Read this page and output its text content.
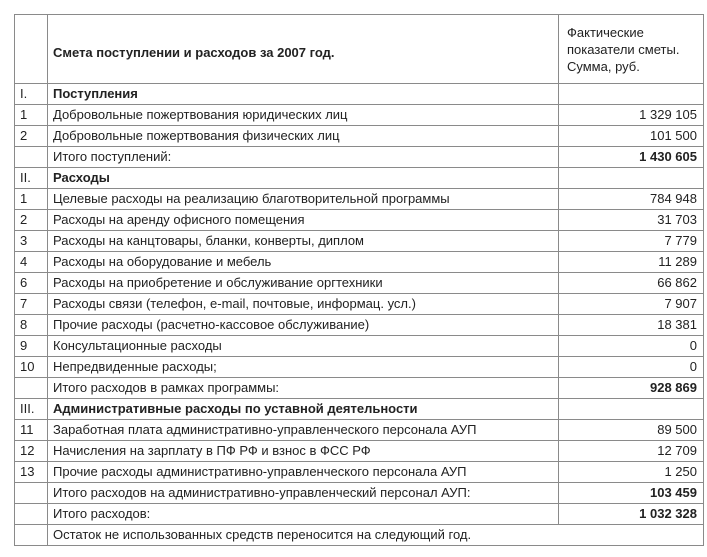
	Смета поступлении и расходов за 2007 год.	Фактические
показатели сметы.
Сумма, руб.

I.	Поступления	
1	Добровольные пожертвования юридических лиц	1 329 105
2	Добровольные пожертвования физических лиц	101 500
	Итого поступлений:	1 430 605
II.	Расходы	
1	Целевые расходы на реализацию благотворительной программы	784 948
2	Расходы на аренду офисного помещения	31 703
3	Расходы на канцтовары, бланки, конверты, диплом	7 779
4	Расходы на оборудование и мебель	11 289
6	Расходы на приобретение и обслуживание оргтехники	66 862
7	Расходы связи (телефон, e-mail, почтовые, информац. усл.)	7 907
8	Прочие расходы (расчетно-кассовое обслуживание)	18 381
9	Консультационные расходы	0
10	Непредвиденные расходы;	0
	Итого расходов в рамках программы:	928 869
III.	Административные расходы по уставной деятельности	
11	Заработная плата административно-управленческого персонала АУП	89 500
12	Начисления на зарплату в ПФ РФ и взнос в ФСС РФ	12 709
13	Прочие расходы административно-управленческого персонала АУП	1 250
	Итого расходов на административно-управленческий персонал АУП:	103 459
	Итого расходов:	1 032 328
	Остаток не использованных средств переносится на следующий год.	
